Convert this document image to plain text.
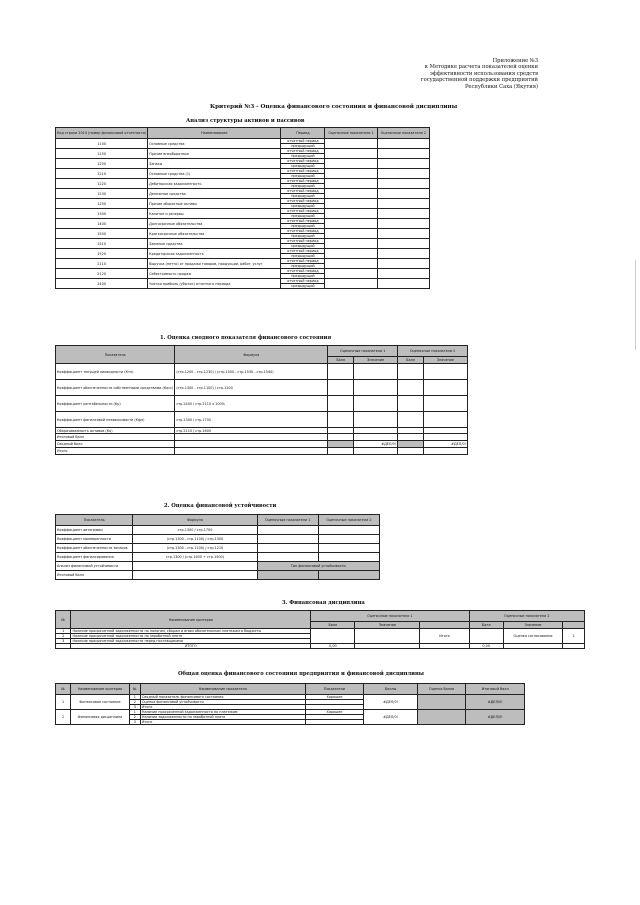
Приложение №3
к Методике расчета показателей оценки
эффективности использования средств
государственной поддержки предприятий
Республики Саха (Якутия)
Критерий №3 - Оценка финансового состояния и финансовой дисциплины
Анализ структуры активов и пассивов
Код строки 2014 (номер финансовой отчетности)	Наименование	Период	Оценочные показатели 1	Оценочные показатели 2
1100	Основные средства	отчетный период		
		предыдущий		
1150	Прочие внеоборотные	отчетный период		
		предыдущий		
1200	Запасы	отчетный период		
		предыдущий		
1210	Основные средства (1)	отчетный период		
		предыдущий		
1220	Дебиторская задолженность	отчетный период		
		предыдущий		
1230	Денежные средства	отчетный период		
		предыдущий		
1250	Прочие оборотные активы	отчетный период		
		предыдущий		
1300	Капитал и резервы	отчетный период		
		предыдущий		
1400	Долгосрочные обязательства	отчетный период		
		предыдущий		
1500	Краткосрочные обязательства	отчетный период		
		предыдущий		
1510	Заемные средства	отчетный период		
		предыдущий		
1520	Кредиторская задолженность	отчетный период		
		предыдущий		
2110	Выручка (нетто) от продажи товаров, продукции, работ, услуг	отчетный период		
		предыдущий		
2120	Себестоимость продаж	отчетный период		
		предыдущий		
2400	Чистая прибыль (убыток) отчетного периода	отчетный период		
		предыдущий		
1. Оценка сводного показателя финансового состояния
Показатель	Формула	Оценочные показатели 1		Оценочные показатели 2	
		Балл	Значение	Балл	Значение
Коэффициент текущей ликвидности (Ктл)	(стр.1200 - стр.1230) / (стр.1500 - стр.1530 - стр.1540)				
Коэффициент обеспеченности собственными средствами (Косс)	(стр.1300 - стр.1100) / стр.1200				
Коэффициент рентабельности (Кр)	стр.2400 / стр.2110 x 100%				
Коэффициент финансовой независимости (Кфн)	стр.1300 / стр.1700				
Оборачиваемость активов (Ко)	стр.2110 / стр.1600				
Итоговый балл					
Сводный балл			#ДЕЛ/0!		#ДЕЛ/0!
Итого					
2. Оценка финансовой устойчивости
Показатель	Формула	Оценочные показатели 1	Оценочные показатели 2
Коэффициент автономии	стр.1300 / стр.1700		
Коэффициент маневренности	(стр.1300 - стр.1100) / стр.1300		
Коэффициент обеспеченности запасов	(стр.1300 - стр.1100) / стр.1210		
Коэффициент финансирования	стр.1300 / (стр.1400 + стр.1500)		
Анализ финансовой устойчивости		Тип финансовой устойчивости	
Итоговый балл			
3. Финансовая дисциплина
№	Наименование критерия	Оценочные показатели 1			Оценочные показатели 2		
		Балл	Значение		Балл	Значение	
1	Наличие просроченной задолженности по налогам, сборам и иным обязательным платежам в бюджеты			Итого		Оценка согласования	1
2	Наличие просроченной задолженности по заработной плате						
3	Наличие просроченной задолженности перед поставщиками						
	ИТОГО	0,00			0,00		
Общая оценка финансового состояния предприятия и финансовой дисциплины
№	Наименование критерия	№	Наименование показателя	Показатели	Баллы	Оценка балла	Итоговый балл
1	Финансовое состояние	1	Сводный показатель финансового состояния	Хорошее	#ДЕЛ/0!		#ДЕЛ/0!
		2	Оценка финансовой устойчивости				
		3	Итого				
2	Финансовая дисциплина	1	Наличие просроченной задолженности по платежам	Хорошее	#ДЕЛ/0!		#ДЕЛ/0!
		2	Наличие задолженности по заработной плате				
		3	Итого				
